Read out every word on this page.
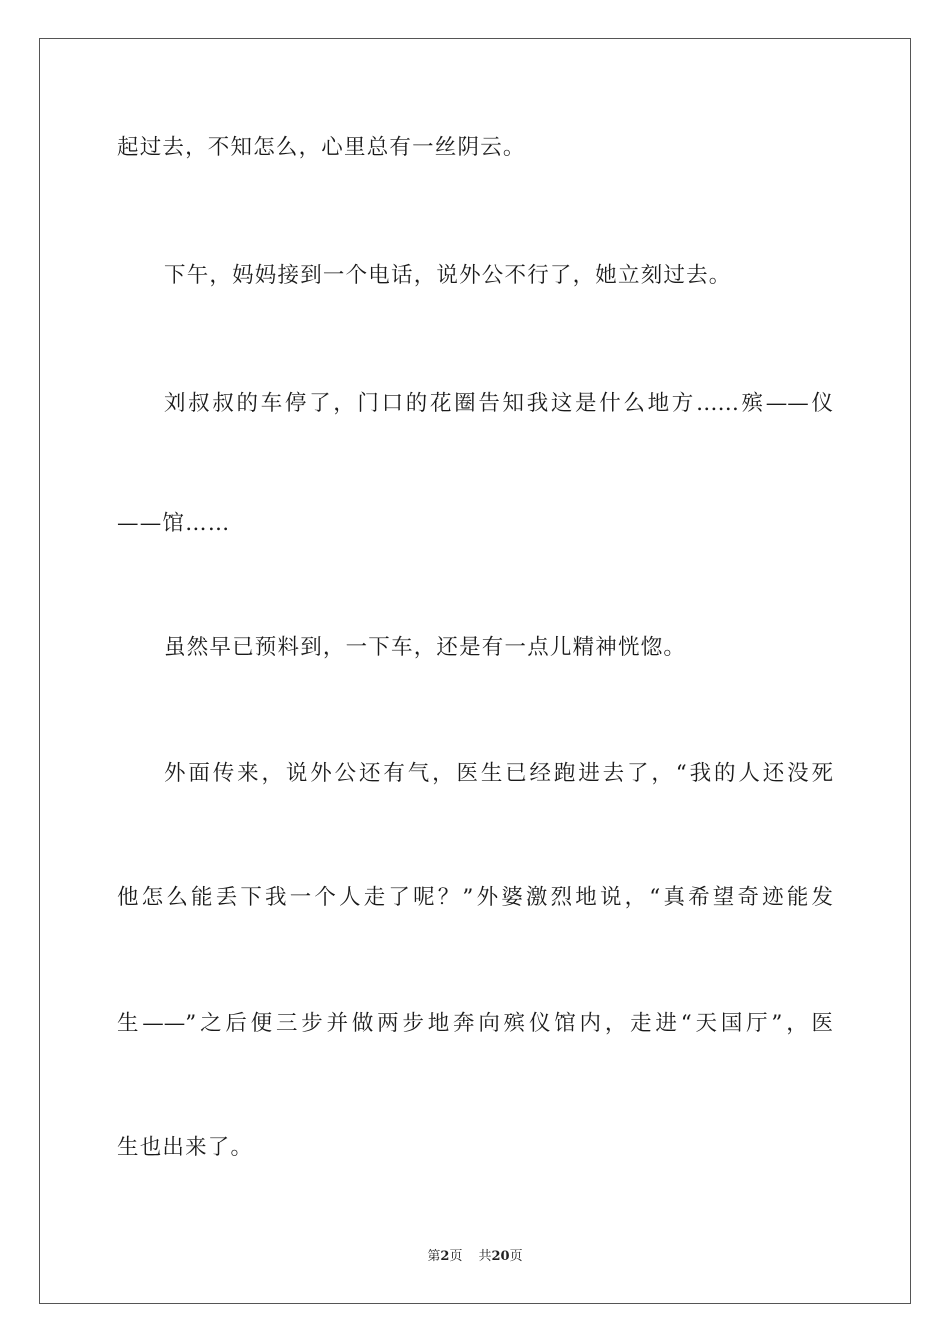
起过去，不知怎么，心里总有一丝阴云。
下午，妈妈接到一个电话，说外公不行了，她立刻过去。
刘叔叔的车停了，门口的花圈告知我这是什么地方……殡——仪
——馆……
虽然早已预料到，一下车，还是有一点儿精神恍惚。
外面传来，说外公还有气，医生已经跑进去了，“我的人还没死
他怎么能丢下我一个人走了呢？”外婆激烈地说，“真希望奇迹能发
生——”之后便三步并做两步地奔向殡仪馆内，走进“天国厅”，医
生也出来了。
第2页 共20页
